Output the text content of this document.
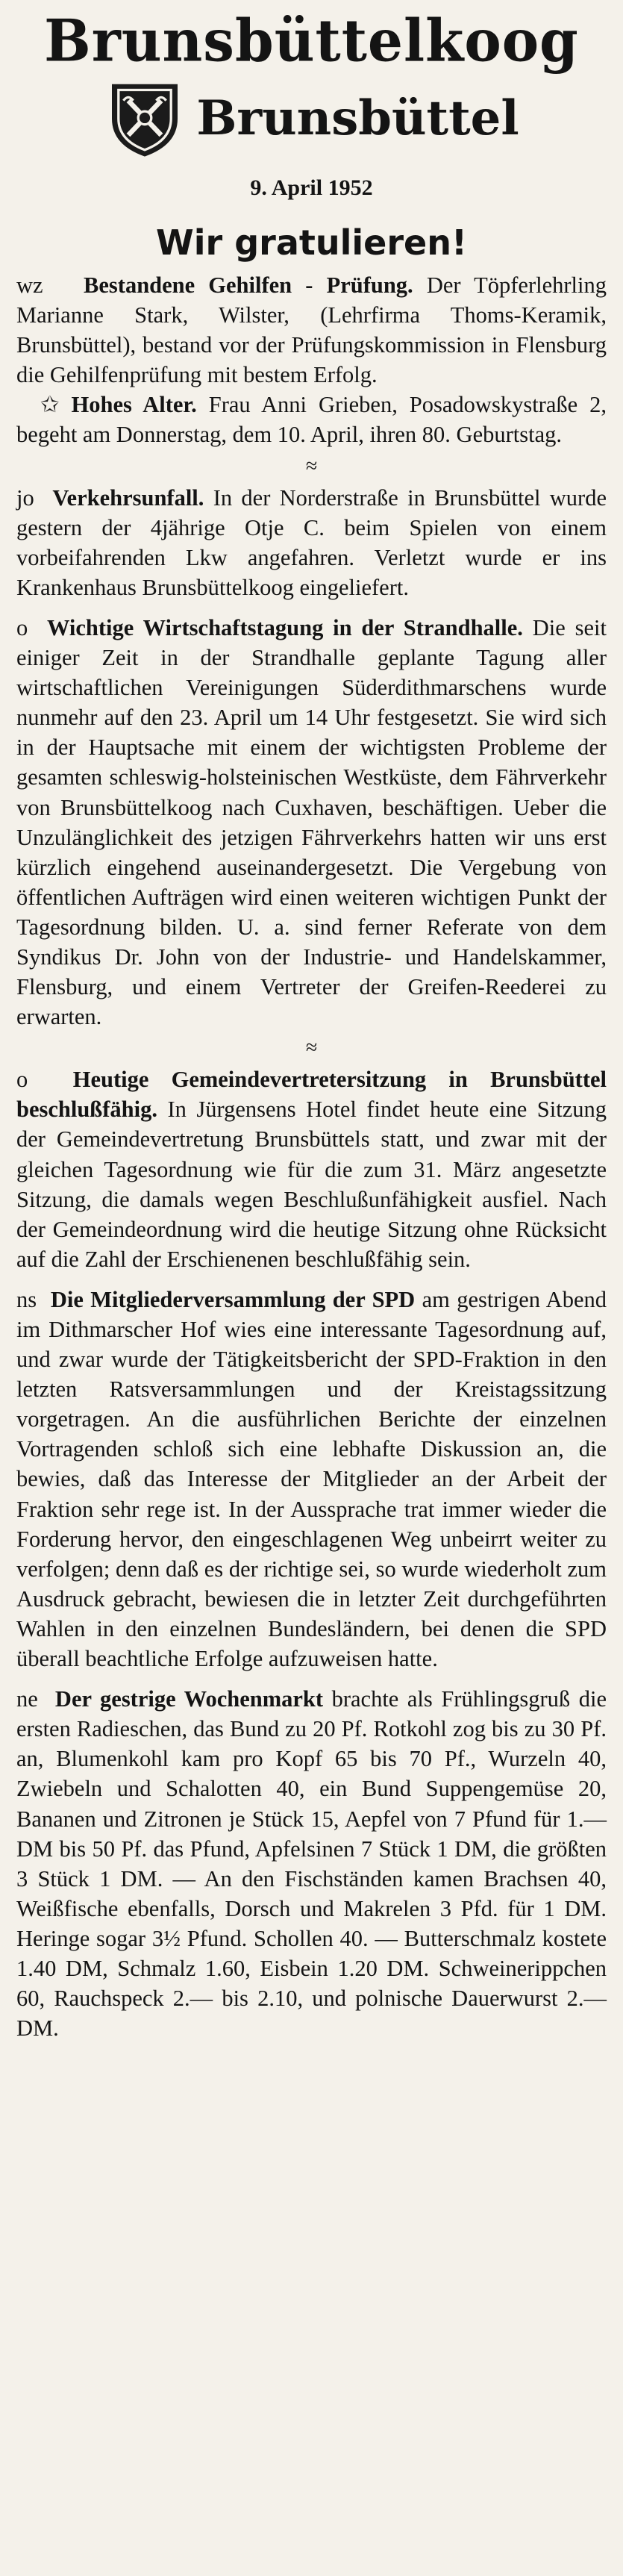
Brunsbüttelkoog
Brunsbüttel
9. April 1952
Wir gratulieren!

wz Bestandene Gehilfen - Prüfung. Der Töpferlehrling Marianne Stark, Wilster, (Lehrfirma Thoms-Keramik, Brunsbüttel), bestand vor der Prüfungskommission in Flensburg die Gehilfenprüfung mit bestem Erfolg.

✩ Hohes Alter. Frau Anni Grieben, Posadowskystraße 2, begeht am Donnerstag, dem 10. April, ihren 80. Geburtstag.

≈

jo Verkehrsunfall. In der Norderstraße in Brunsbüttel wurde gestern der 4jährige Otje C. beim Spielen von einem vorbeifahrenden Lkw angefahren. Verletzt wurde er ins Krankenhaus Brunsbüttelkoog eingeliefert.

o Wichtige Wirtschaftstagung in der Strandhalle. Die seit einiger Zeit in der Strandhalle geplante Tagung aller wirtschaftlichen Vereinigungen Süderdithmarschens wurde nunmehr auf den 23. April um 14 Uhr festgesetzt. Sie wird sich in der Hauptsache mit einem der wichtigsten Probleme der gesamten schleswig-holsteinischen Westküste, dem Fährverkehr von Brunsbüttelkoog nach Cuxhaven, beschäftigen. Ueber die Unzulänglichkeit des jetzigen Fährverkehrs hatten wir uns erst kürzlich eingehend auseinandergesetzt. Die Vergebung von öffentlichen Aufträgen wird einen weiteren wichtigen Punkt der Tagesordnung bilden. U. a. sind ferner Referate von dem Syndikus Dr. John von der Industrie- und Handelskammer, Flensburg, und einem Vertreter der Greifen-Reederei zu erwarten.

≈

o Heutige Gemeindevertretersitzung in Brunsbüttel beschlußfähig. In Jürgensens Hotel findet heute eine Sitzung der Gemeindevertretung Brunsbüttels statt, und zwar mit der gleichen Tagesordnung wie für die zum 31. März angesetzte Sitzung, die damals wegen Beschlußunfähigkeit ausfiel. Nach der Gemeindeordnung wird die heutige Sitzung ohne Rücksicht auf die Zahl der Erschienenen beschlußfähig sein.

ns Die Mitgliederversammlung der SPD am gestrigen Abend im Dithmarscher Hof wies eine interessante Tagesordnung auf, und zwar wurde der Tätigkeitsbericht der SPD-Fraktion in den letzten Ratsversammlungen und der Kreistagssitzung vorgetragen. An die ausführlichen Berichte der einzelnen Vortragenden schloß sich eine lebhafte Diskussion an, die bewies, daß das Interesse der Mitglieder an der Arbeit der Fraktion sehr rege ist. In der Aussprache trat immer wieder die Forderung hervor, den eingeschlagenen Weg unbeirrt weiter zu verfolgen; denn daß es der richtige sei, so wurde wiederholt zum Ausdruck gebracht, bewiesen die in letzter Zeit durchgeführten Wahlen in den einzelnen Bundesländern, bei denen die SPD überall beachtliche Erfolge aufzuweisen hatte.

ne Der gestrige Wochenmarkt brachte als Frühlingsgruß die ersten Radieschen, das Bund zu 20 Pf. Rotkohl zog bis zu 30 Pf. an, Blumenkohl kam pro Kopf 65 bis 70 Pf., Wurzeln 40, Zwiebeln und Schalotten 40, ein Bund Suppengemüse 20, Bananen und Zitronen je Stück 15, Aepfel von 7 Pfund für 1.— DM bis 50 Pf. das Pfund, Apfelsinen 7 Stück 1 DM, die größten 3 Stück 1 DM. — An den Fischständen kamen Brachsen 40, Weißfische ebenfalls, Dorsch und Makrelen 3 Pfd. für 1 DM. Heringe sogar 3½ Pfund. Schollen 40. — Butterschmalz kostete 1.40 DM, Schmalz 1.60, Eisbein 1.20 DM. Schweinerippchen 60, Rauchspeck 2.— bis 2.10, und polnische Dauerwurst 2.— DM.
